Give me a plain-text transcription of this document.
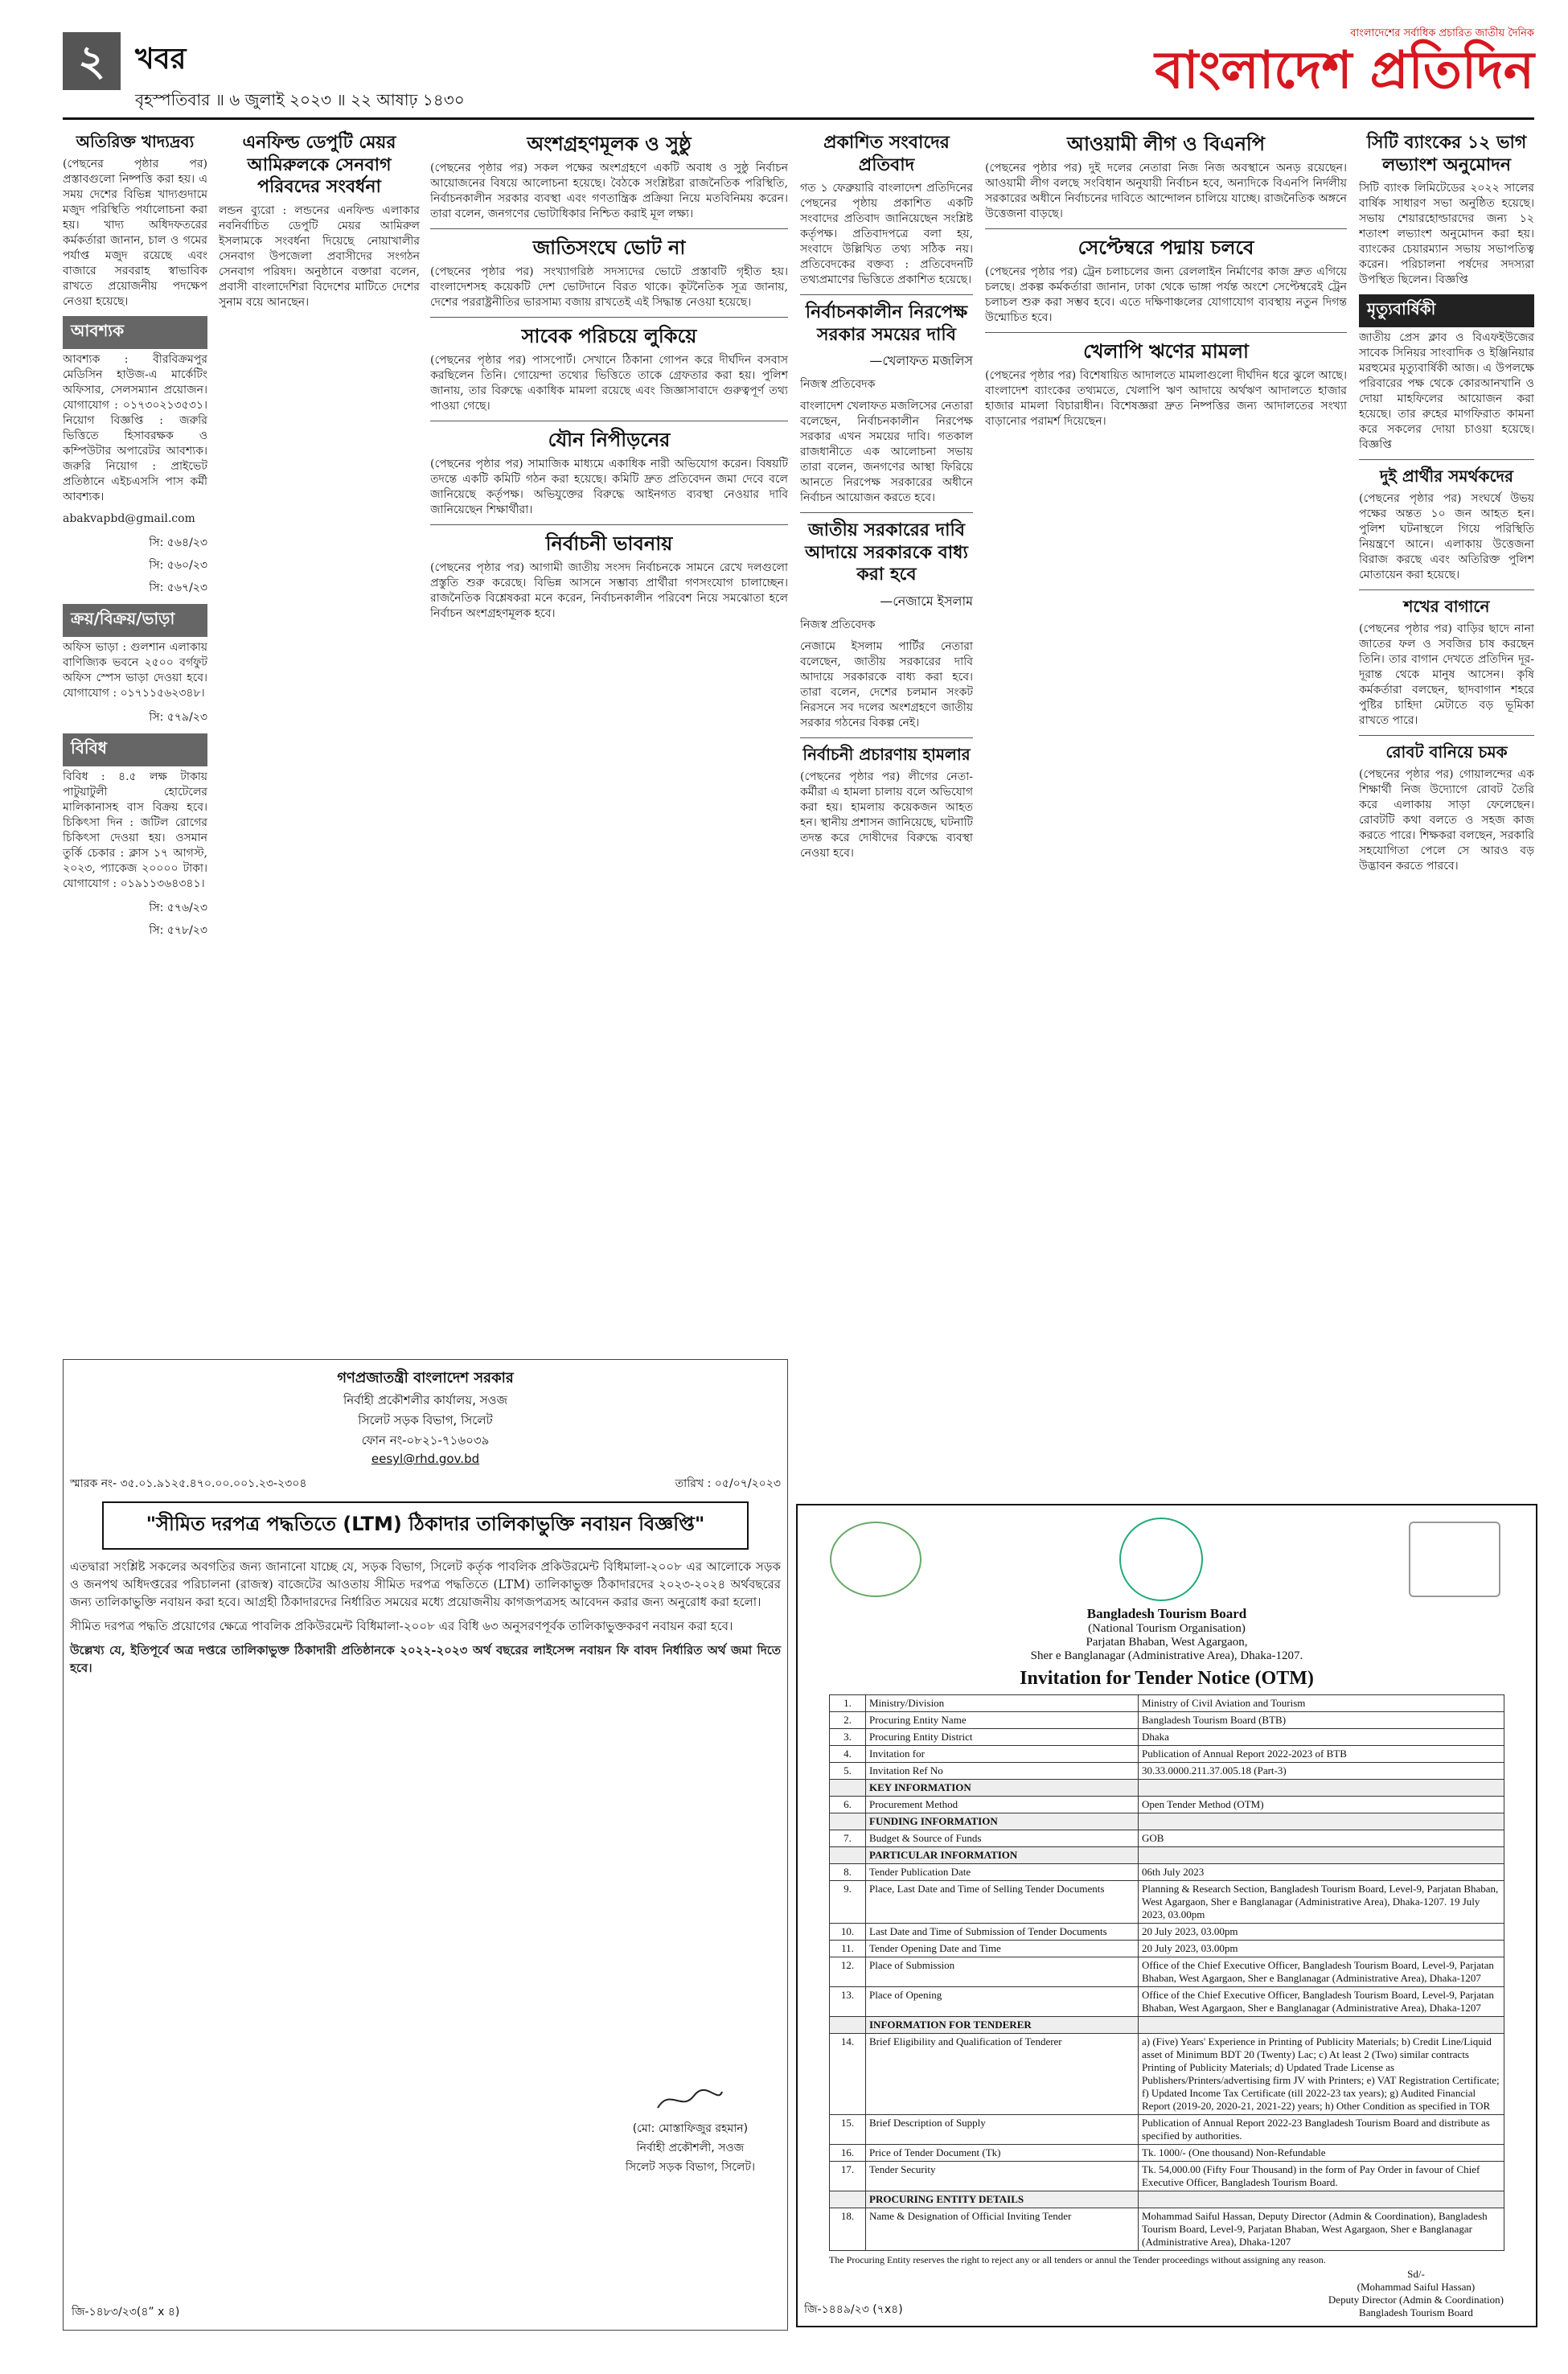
২	খবর
বৃহস্পতিবার ॥ ৬ জুলাই ২০২৩ ॥ ২২ আষাঢ় ১৪৩০
বাংলাদেশের সর্বাধিক প্রচারিত জাতীয় দৈনিক
বাংলাদেশ প্রতিদিন
অতিরিক্ত খাদ্যদ্রব্য

(পেছনের পৃষ্ঠার পর) প্রস্তাবগুলো নিষ্পত্তি করা হয়। এ সময় দেশের বিভিন্ন খাদ্যগুদামে মজুদ পরিস্থিতি পর্যালোচনা করা হয়। খাদ্য অধিদফতরের কর্মকর্তারা জানান, চাল ও গমের পর্যাপ্ত মজুদ রয়েছে এবং বাজারে সরবরাহ স্বাভাবিক রাখতে প্রয়োজনীয় পদক্ষেপ নেওয়া হয়েছে।

আবশ্যক

আবশ্যক : বীরবিক্রমপুর মেডিসিন হাউজ-এ মার্কেটিং অফিসার, সেলসম্যান প্রয়োজন। যোগাযোগ : ০১৭৩০২১৩৫৩১। নিয়োগ বিজ্ঞপ্তি : জরুরি ভিত্তিতে হিসাবরক্ষক ও কম্পিউটার অপারেটর আবশ্যক। জরুরি নিয়োগ : প্রাইভেট প্রতিষ্ঠানে এইচএসসি পাস কর্মী আবশ্যক।

abakvapbd@gmail.com
সি: ৫৬৪/২৩
সি: ৫৬০/২৩
সি: ৫৬৭/২৩
ক্রয়/বিক্রয়/ভাড়া

অফিস ভাড়া : গুলশান এলাকায় বাণিজ্যিক ভবনে ২৫০০ বর্গফুট অফিস স্পেস ভাড়া দেওয়া হবে। যোগাযোগ : ০১৭১১৫৬২৩৪৮।

সি: ৫৭৯/২৩
বিবিধ

বিবিধ : ৪.৫ লক্ষ টাকায় পাটুয়াটুলী হোটেলের মালিকানাসহ বাস বিক্রয় হবে। চিকিৎসা দিন : জটিল রোগের চিকিৎসা দেওয়া হয়। ওসমান তুর্কি চেকার : ক্লাস ১৭ আগস্ট, ২০২৩, প্যাকেজ ২০০০০ টাকা। যোগাযোগ : ০১৯১১৩৬৪৩৪১।

সি: ৫৭৬/২৩
সি: ৫৭৮/২৩
এনফিল্ড ডেপুটি মেয়র আমিরুলকে সেনবাগ পরিবদের সংবর্ধনা

লন্ডন ব্যুরো : লন্ডনের এনফিল্ড এলাকার নবনির্বাচিত ডেপুটি মেয়র আমিরুল ইসলামকে সংবর্ধনা দিয়েছে নোয়াখালীর সেনবাগ উপজেলা প্রবাসীদের সংগঠন সেনবাগ পরিষদ। অনুষ্ঠানে বক্তারা বলেন, প্রবাসী বাংলাদেশিরা বিদেশের মাটিতে দেশের সুনাম বয়ে আনছেন।

অংশগ্রহণমূলক ও সুষ্ঠু

(পেছনের পৃষ্ঠার পর) সকল পক্ষের অংশগ্রহণে একটি অবাধ ও সুষ্ঠু নির্বাচন আয়োজনের বিষয়ে আলোচনা হয়েছে। বৈঠকে সংশ্লিষ্টরা রাজনৈতিক পরিস্থিতি, নির্বাচনকালীন সরকার ব্যবস্থা এবং গণতান্ত্রিক প্রক্রিয়া নিয়ে মতবিনিময় করেন। তারা বলেন, জনগণের ভোটাধিকার নিশ্চিত করাই মূল লক্ষ্য।

জাতিসংঘে ভোট না

(পেছনের পৃষ্ঠার পর) সংখ্যাগরিষ্ঠ সদস্যদের ভোটে প্রস্তাবটি গৃহীত হয়। বাংলাদেশসহ কয়েকটি দেশ ভোটদানে বিরত থাকে। কূটনৈতিক সূত্র জানায়, দেশের পররাষ্ট্রনীতির ভারসাম্য বজায় রাখতেই এই সিদ্ধান্ত নেওয়া হয়েছে।

সাবেক পরিচয়ে লুকিয়ে

(পেছনের পৃষ্ঠার পর) পাসপোর্ট। সেখানে ঠিকানা গোপন করে দীর্ঘদিন বসবাস করছিলেন তিনি। গোয়েন্দা তথ্যের ভিত্তিতে তাকে গ্রেফতার করা হয়। পুলিশ জানায়, তার বিরুদ্ধে একাধিক মামলা রয়েছে এবং জিজ্ঞাসাবাদে গুরুত্বপূর্ণ তথ্য পাওয়া গেছে।

যৌন নিপীড়নের

(পেছনের পৃষ্ঠার পর) সামাজিক মাধ্যমে একাধিক নারী অভিযোগ করেন। বিষয়টি তদন্তে একটি কমিটি গঠন করা হয়েছে। কমিটি দ্রুত প্রতিবেদন জমা দেবে বলে জানিয়েছে কর্তৃপক্ষ। অভিযুক্তের বিরুদ্ধে আইনগত ব্যবস্থা নেওয়ার দাবি জানিয়েছেন শিক্ষার্থীরা।

নির্বাচনী ভাবনায়

(পেছনের পৃষ্ঠার পর) আগামী জাতীয় সংসদ নির্বাচনকে সামনে রেখে দলগুলো প্রস্তুতি শুরু করেছে। বিভিন্ন আসনে সম্ভাব্য প্রার্থীরা গণসংযোগ চালাচ্ছেন। রাজনৈতিক বিশ্লেষকরা মনে করেন, নির্বাচনকালীন পরিবেশ নিয়ে সমঝোতা হলে নির্বাচন অংশগ্রহণমূলক হবে।

প্রকাশিত সংবাদের প্রতিবাদ

গত ১ ফেব্রুয়ারি বাংলাদেশ প্রতিদিনের পেছনের পৃষ্ঠায় প্রকাশিত একটি সংবাদের প্রতিবাদ জানিয়েছেন সংশ্লিষ্ট কর্তৃপক্ষ। প্রতিবাদপত্রে বলা হয়, সংবাদে উল্লিখিত তথ্য সঠিক নয়। প্রতিবেদকের বক্তব্য : প্রতিবেদনটি তথ্যপ্রমাণের ভিত্তিতে প্রকাশিত হয়েছে।

নির্বাচনকালীন নিরপেক্ষ সরকার সময়ের দাবি
—খেলাফত মজলিস
নিজস্ব প্রতিবেদক

বাংলাদেশ খেলাফত মজলিসের নেতারা বলেছেন, নির্বাচনকালীন নিরপেক্ষ সরকার এখন সময়ের দাবি। গতকাল রাজধানীতে এক আলোচনা সভায় তারা বলেন, জনগণের আস্থা ফিরিয়ে আনতে নিরপেক্ষ সরকারের অধীনে নির্বাচন আয়োজন করতে হবে।

জাতীয় সরকারের দাবি আদায়ে সরকারকে বাধ্য করা হবে
—নেজামে ইসলাম
নিজস্ব প্রতিবেদক

নেজামে ইসলাম পার্টির নেতারা বলেছেন, জাতীয় সরকারের দাবি আদায়ে সরকারকে বাধ্য করা হবে। তারা বলেন, দেশের চলমান সংকট নিরসনে সব দলের অংশগ্রহণে জাতীয় সরকার গঠনের বিকল্প নেই।

নির্বাচনী প্রচারণায় হামলার

(পেছনের পৃষ্ঠার পর) লীগের নেতা-কর্মীরা এ হামলা চালায় বলে অভিযোগ করা হয়। হামলায় কয়েকজন আহত হন। স্থানীয় প্রশাসন জানিয়েছে, ঘটনাটি তদন্ত করে দোষীদের বিরুদ্ধে ব্যবস্থা নেওয়া হবে।

আওয়ামী লীগ ও বিএনপি

(পেছনের পৃষ্ঠার পর) দুই দলের নেতারা নিজ নিজ অবস্থানে অনড় রয়েছেন। আওয়ামী লীগ বলছে সংবিধান অনুযায়ী নির্বাচন হবে, অন্যদিকে বিএনপি নির্দলীয় সরকারের অধীনে নির্বাচনের দাবিতে আন্দোলন চালিয়ে যাচ্ছে। রাজনৈতিক অঙ্গনে উত্তেজনা বাড়ছে।

সেপ্টেম্বরে পদ্মায় চলবে

(পেছনের পৃষ্ঠার পর) ট্রেন চলাচলের জন্য রেললাইন নির্মাণের কাজ দ্রুত এগিয়ে চলছে। প্রকল্প কর্মকর্তারা জানান, ঢাকা থেকে ভাঙ্গা পর্যন্ত অংশে সেপ্টেম্বরেই ট্রেন চলাচল শুরু করা সম্ভব হবে। এতে দক্ষিণাঞ্চলের যোগাযোগ ব্যবস্থায় নতুন দিগন্ত উন্মোচিত হবে।

খেলাপি ঋণের মামলা

(পেছনের পৃষ্ঠার পর) বিশেষায়িত আদালতে মামলাগুলো দীর্ঘদিন ধরে ঝুলে আছে। বাংলাদেশ ব্যাংকের তথ্যমতে, খেলাপি ঋণ আদায়ে অর্থঋণ আদালতে হাজার হাজার মামলা বিচারাধীন। বিশেষজ্ঞরা দ্রুত নিষ্পত্তির জন্য আদালতের সংখ্যা বাড়ানোর পরামর্শ দিয়েছেন।

সিটি ব্যাংকের ১২ ভাগ লভ্যাংশ অনুমোদন

সিটি ব্যাংক লিমিটেডের ২০২২ সালের বার্ষিক সাধারণ সভা অনুষ্ঠিত হয়েছে। সভায় শেয়ারহোল্ডারদের জন্য ১২ শতাংশ লভ্যাংশ অনুমোদন করা হয়। ব্যাংকের চেয়ারম্যান সভায় সভাপতিত্ব করেন। পরিচালনা পর্ষদের সদস্যরা উপস্থিত ছিলেন। বিজ্ঞপ্তি

মৃত্যুবার্ষিকী

জাতীয় প্রেস ক্লাব ও বিএফইউজের সাবেক সিনিয়র সাংবাদিক ও ইঞ্জিনিয়ার মরহুমের মৃত্যুবার্ষিকী আজ। এ উপলক্ষে পরিবারের পক্ষ থেকে কোরআনখানি ও দোয়া মাহফিলের আয়োজন করা হয়েছে। তার রুহের মাগফিরাত কামনা করে সকলের দোয়া চাওয়া হয়েছে। বিজ্ঞপ্তি

দুই প্রার্থীর সমর্থকদের

(পেছনের পৃষ্ঠার পর) সংঘর্ষে উভয় পক্ষের অন্তত ১০ জন আহত হন। পুলিশ ঘটনাস্থলে গিয়ে পরিস্থিতি নিয়ন্ত্রণে আনে। এলাকায় উত্তেজনা বিরাজ করছে এবং অতিরিক্ত পুলিশ মোতায়েন করা হয়েছে।

শখের বাগানে

(পেছনের পৃষ্ঠার পর) বাড়ির ছাদে নানা জাতের ফল ও সবজির চাষ করছেন তিনি। তার বাগান দেখতে প্রতিদিন দূর-দূরান্ত থেকে মানুষ আসেন। কৃষি কর্মকর্তারা বলছেন, ছাদবাগান শহরে পুষ্টির চাহিদা মেটাতে বড় ভূমিকা রাখতে পারে।

রোবট বানিয়ে চমক

(পেছনের পৃষ্ঠার পর) গোয়ালন্দের এক শিক্ষার্থী নিজ উদ্যোগে রোবট তৈরি করে এলাকায় সাড়া ফেলেছেন। রোবটটি কথা বলতে ও সহজ কাজ করতে পারে। শিক্ষকরা বলছেন, সরকারি সহযোগিতা পেলে সে আরও বড় উদ্ভাবন করতে পারবে।

গণপ্রজাতন্ত্রী বাংলাদেশ সরকার
নির্বাহী প্রকৌশলীর কার্যালয়, সওজ
সিলেট সড়ক বিভাগ, সিলেট
ফোন নং-০৮২১-৭১৬০৩৯
eesyl@rhd.gov.bd
স্মারক নং- ৩৫.০১.৯১২৫.৪৭০.০০.০০১.২৩-২৩০৪	তারিখ : ০৫/০৭/২০২৩
"সীমিত দরপত্র পদ্ধতিতে (LTM) ঠিকাদার তালিকাভুক্তি নবায়ন বিজ্ঞপ্তি"

এতদ্বারা সংশ্লিষ্ট সকলের অবগতির জন্য জানানো যাচ্ছে যে, সড়ক বিভাগ, সিলেট কর্তৃক পাবলিক প্রকিউরমেন্ট বিধিমালা-২০০৮ এর আলোকে সড়ক ও জনপথ অধিদপ্তরের পরিচালনা (রাজস্ব) বাজেটের আওতায় সীমিত দরপত্র পদ্ধতিতে (LTM) তালিকাভুক্ত ঠিকাদারদের ২০২৩-২০২৪ অর্থবছরের জন্য তালিকাভুক্তি নবায়ন করা হবে। আগ্রহী ঠিকাদারদের নির্ধারিত সময়ের মধ্যে প্রয়োজনীয় কাগজপত্রসহ আবেদন করার জন্য অনুরোধ করা হলো।

সীমিত দরপত্র পদ্ধতি প্রয়োগের ক্ষেত্রে পাবলিক প্রকিউরমেন্ট বিধিমালা-২০০৮ এর বিধি ৬৩ অনুসরণপূর্বক তালিকাভুক্তকরণ নবায়ন করা হবে।

উল্লেখ্য যে, ইতিপূর্বে অত্র দপ্তরে তালিকাভুক্ত ঠিকাদারী প্রতিষ্ঠানকে ২০২২-২০২৩ অর্থ বছরের লাইসেন্স নবায়ন ফি বাবদ নির্ধারিত অর্থ জমা দিতে হবে।

(মো: মোস্তাফিজুর রহমান)
নির্বাহী প্রকৌশলী, সওজ
সিলেট সড়ক বিভাগ, সিলেট।
জি-১৪৮৩/২৩(৪” x ৪)
Bangladesh Tourism Board
(National Tourism Organisation)
Parjatan Bhaban, West Agargaon,
Sher e Banglanagar (Administrative Area), Dhaka-1207.
Invitation for Tender Notice (OTM)
1.	Ministry/Division	Ministry of Civil Aviation and Tourism
2.	Procuring Entity Name	Bangladesh Tourism Board (BTB)
3.	Procuring Entity District	Dhaka
4.	Invitation for	Publication of Annual Report 2022-2023 of BTB
5.	Invitation Ref No	30.33.0000.211.37.005.18 (Part-3)
	KEY INFORMATION	
6.	Procurement Method	Open Tender Method (OTM)
	FUNDING INFORMATION	
7.	Budget & Source of Funds	GOB
	PARTICULAR INFORMATION	
8.	Tender Publication Date	06th July 2023
9.	Place, Last Date and Time of Selling Tender Documents	Planning & Research Section, Bangladesh Tourism Board, Level-9, Parjatan Bhaban, West Agargaon, Sher e Banglanagar (Administrative Area), Dhaka-1207. 19 July 2023, 03.00pm
10.	Last Date and Time of Submission of Tender Documents	20 July 2023, 03.00pm
11.	Tender Opening Date and Time	20 July 2023, 03.00pm
12.	Place of Submission	Office of the Chief Executive Officer, Bangladesh Tourism Board, Level-9, Parjatan Bhaban, West Agargaon, Sher e Banglanagar (Administrative Area), Dhaka-1207
13.	Place of Opening	Office of the Chief Executive Officer, Bangladesh Tourism Board, Level-9, Parjatan Bhaban, West Agargaon, Sher e Banglanagar (Administrative Area), Dhaka-1207
	INFORMATION FOR TENDERER	
14.	Brief Eligibility and Qualification of Tenderer	a) (Five) Years' Experience in Printing of Publicity Materials; b) Credit Line/Liquid asset of Minimum BDT 20 (Twenty) Lac; c) At least 2 (Two) similar contracts Printing of Publicity Materials; d) Updated Trade License as Publishers/Printers/advertising firm JV with Printers; e) VAT Registration Certificate; f) Updated Income Tax Certificate (till 2022-23 tax years); g) Audited Financial Report (2019-20, 2020-21, 2021-22) years; h) Other Condition as specified in TOR
15.	Brief Description of Supply	Publication of Annual Report 2022-23 Bangladesh Tourism Board and distribute as specified by authorities.
16.	Price of Tender Document (Tk)	Tk. 1000/- (One thousand) Non-Refundable
17.	Tender Security	Tk. 54,000.00 (Fifty Four Thousand) in the form of Pay Order in favour of Chief Executive Officer, Bangladesh Tourism Board.
	PROCURING ENTITY DETAILS	
18.	Name & Designation of Official Inviting Tender	Mohammad Saiful Hassan, Deputy Director (Admin & Coordination), Bangladesh Tourism Board, Level-9, Parjatan Bhaban, West Agargaon, Sher e Banglanagar (Administrative Area), Dhaka-1207
The Procuring Entity reserves the right to reject any or all tenders or annul the Tender proceedings without assigning any reason.
Sd/-
(Mohammad Saiful Hassan)
Deputy Director (Admin & Coordination)
Bangladesh Tourism Board
জি-১৪৪৯/২৩ (৭x৪)
